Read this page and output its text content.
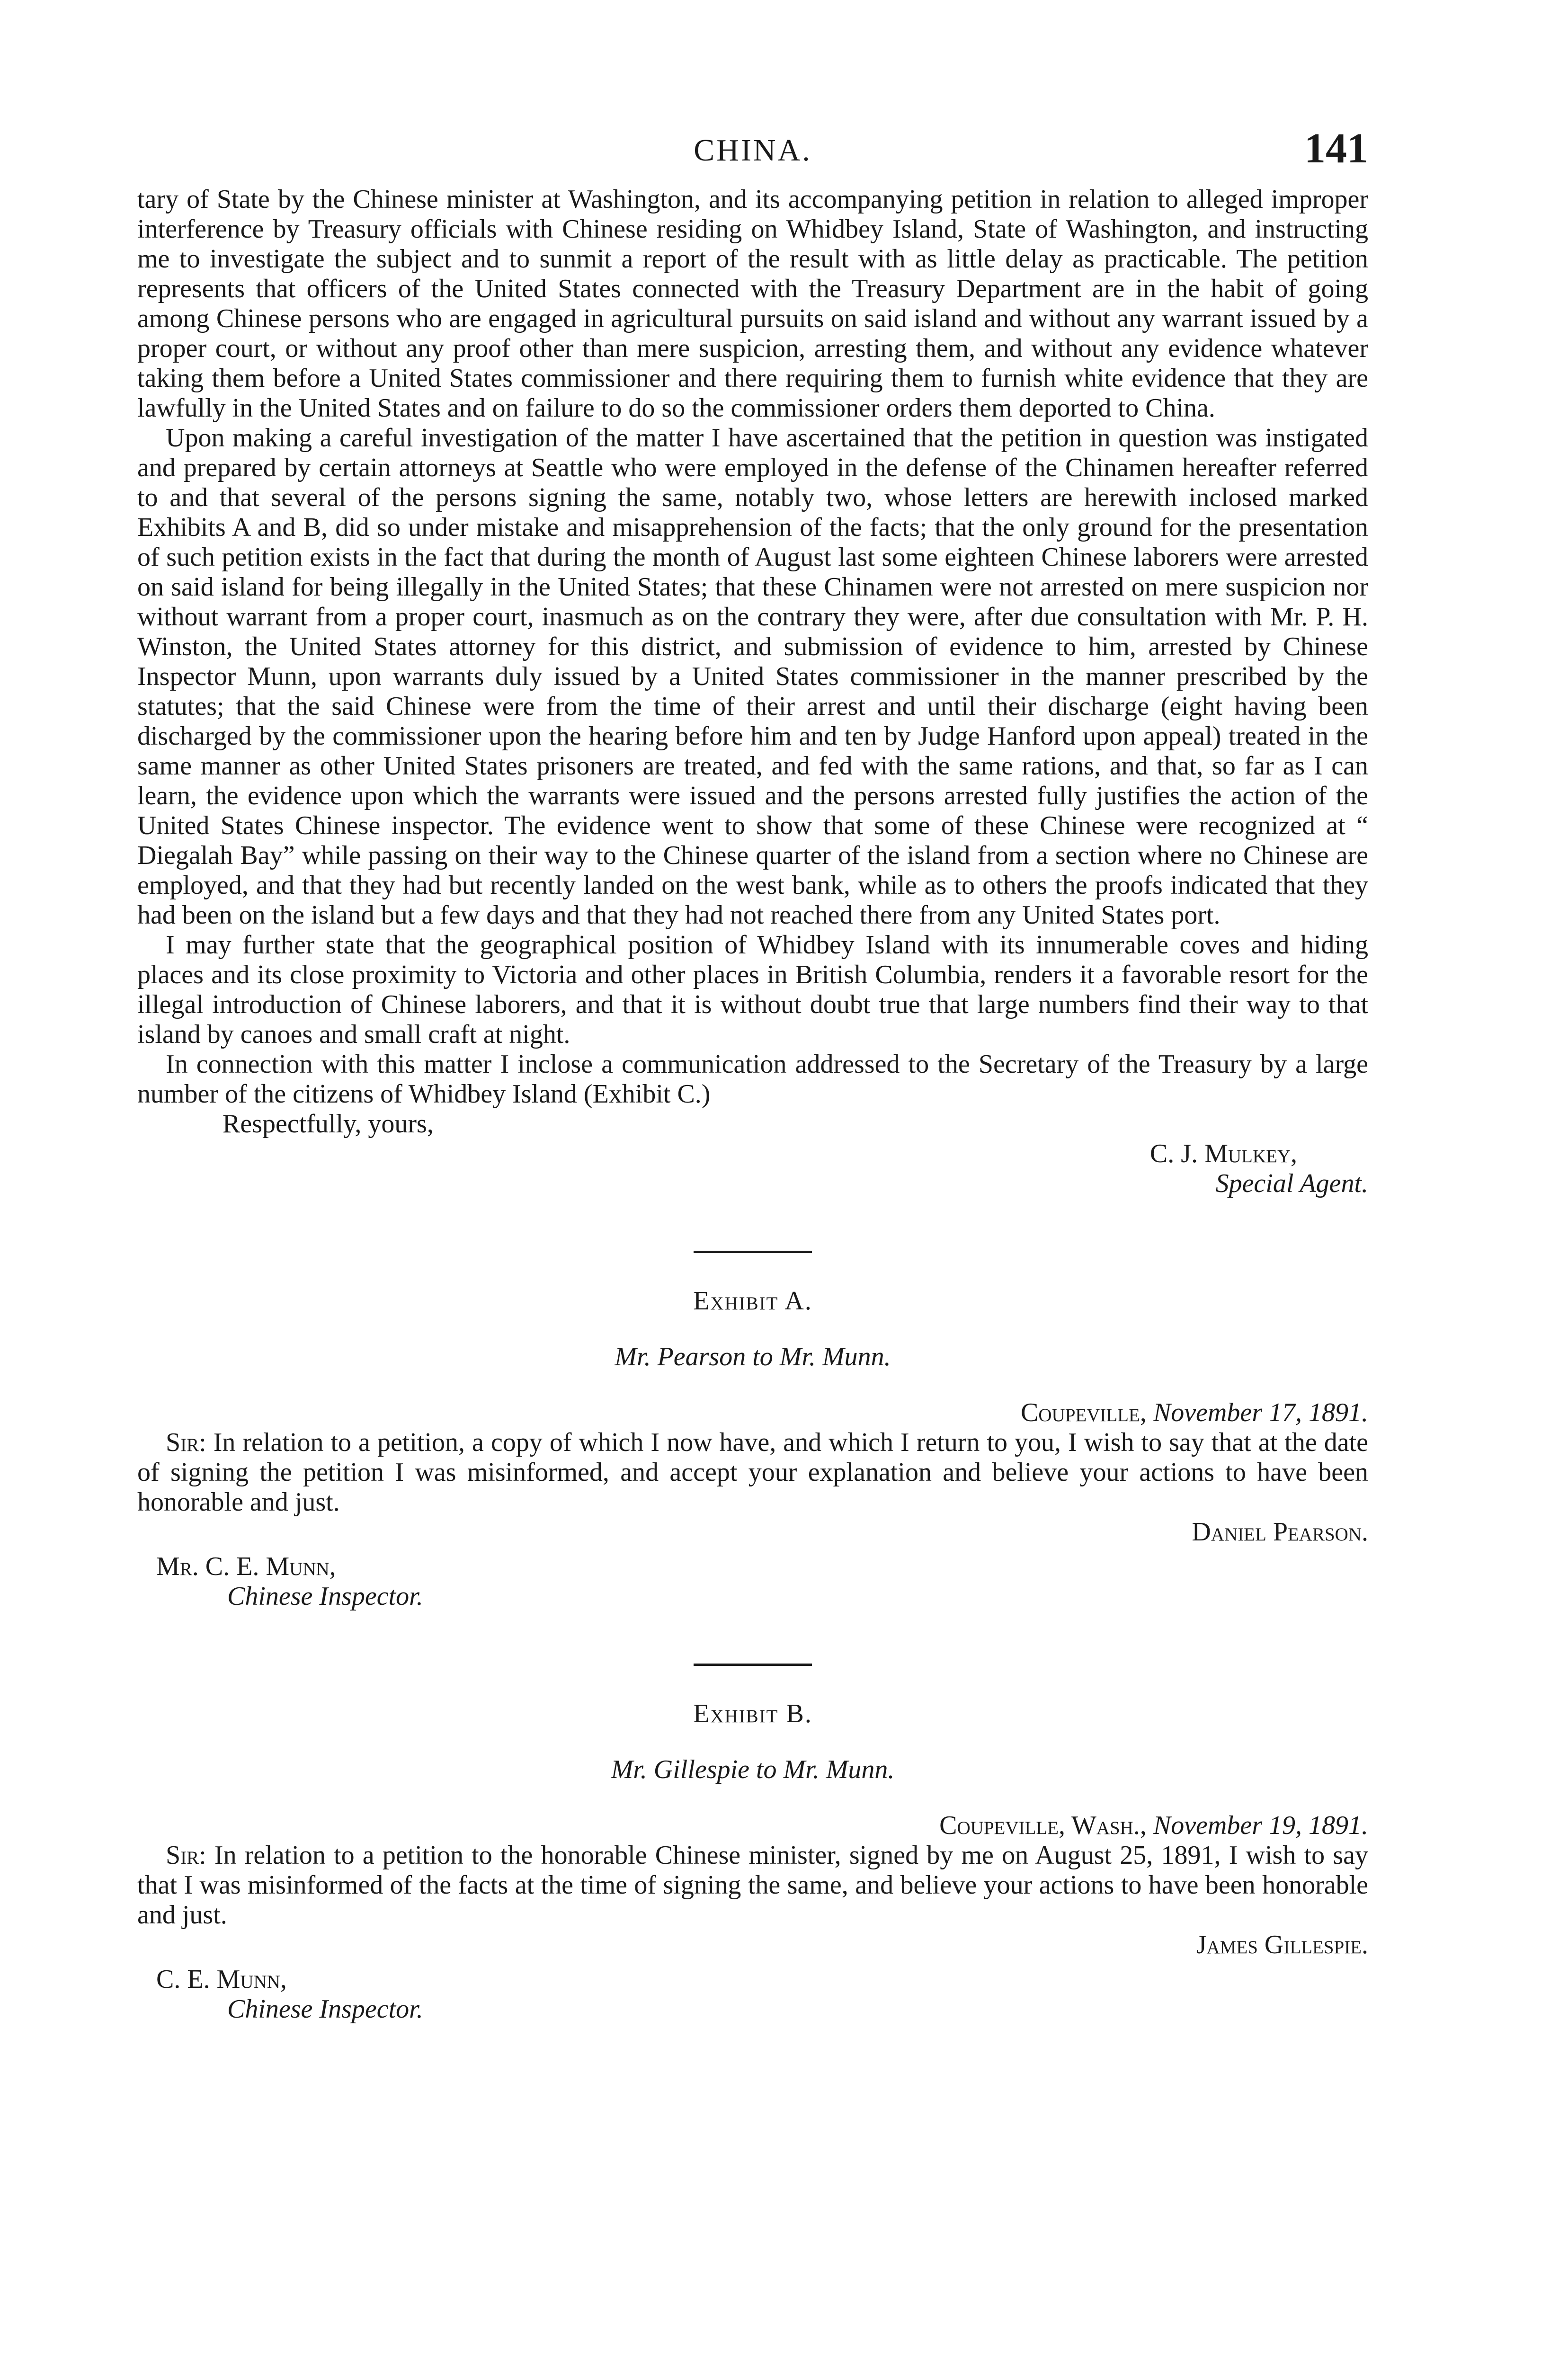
CHINA.	141

tary of State by the Chinese minister at Washington, and its accompanying petition in relation to alleged improper interference by Treasury officials with Chinese residing on Whidbey Island, State of Washington, and instructing me to investigate the subject and to sunmit a report of the result with as little delay as practicable. The petition represents that officers of the United States connected with the Treasury Department are in the habit of going among Chinese persons who are engaged in agricultural pursuits on said island and without any warrant issued by a proper court, or without any proof other than mere suspicion, arresting them, and without any evidence whatever taking them before a United States commissioner and there requiring them to furnish white evidence that they are lawfully in the United States and on failure to do so the commissioner orders them deported to China.

Upon making a careful investigation of the matter I have ascertained that the petition in question was instigated and prepared by certain attorneys at Seattle who were employed in the defense of the Chinamen hereafter referred to and that several of the persons signing the same, notably two, whose letters are herewith inclosed marked Exhibits A and B, did so under mistake and misapprehension of the facts; that the only ground for the presentation of such petition exists in the fact that during the month of August last some eighteen Chinese laborers were arrested on said island for being illegally in the United States; that these Chinamen were not arrested on mere suspicion nor without warrant from a proper court, inasmuch as on the contrary they were, after due consultation with Mr. P. H. Winston, the United States attorney for this district, and submission of evidence to him, arrested by Chinese Inspector Munn, upon warrants duly issued by a United States commissioner in the manner prescribed by the statutes; that the said Chinese were from the time of their arrest and until their discharge (eight having been discharged by the commissioner upon the hearing before him and ten by Judge Hanford upon appeal) treated in the same manner as other United States prisoners are treated, and fed with the same rations, and that, so far as I can learn, the evidence upon which the warrants were issued and the persons arrested fully justifies the action of the United States Chinese inspector. The evidence went to show that some of these Chinese were recognized at “ Diegalah Bay” while passing on their way to the Chinese quarter of the island from a section where no Chinese are employed, and that they had but recently landed on the west bank, while as to others the proofs indicated that they had been on the island but a few days and that they had not reached there from any United States port.

I may further state that the geographical position of Whidbey Island with its innumerable coves and hiding places and its close proximity to Victoria and other places in British Columbia, renders it a favorable resort for the illegal introduction of Chinese laborers, and that it is without doubt true that large numbers find their way to that island by canoes and small craft at night.

In connection with this matter I inclose a communication addressed to the Secretary of the Treasury by a large number of the citizens of Whidbey Island (Exhibit C.)

Respectfully, yours,
C. J. Mulkey,
Special Agent.
Exhibit A.
Mr. Pearson to Mr. Munn.
Coupeville, November 17, 1891.

Sir: In relation to a petition, a copy of which I now have, and which I return to you, I wish to say that at the date of signing the petition I was misinformed, and accept your explanation and believe your actions to have been honorable and just.

Daniel Pearson.
Mr. C. E. Munn,
Chinese Inspector.
Exhibit B.
Mr. Gillespie to Mr. Munn.
Coupeville, Wash., November 19, 1891.

Sir: In relation to a petition to the honorable Chinese minister, signed by me on August 25, 1891, I wish to say that I was misinformed of the facts at the time of signing the same, and believe your actions to have been honorable and just.

James Gillespie.
C. E. Munn,
Chinese Inspector.
